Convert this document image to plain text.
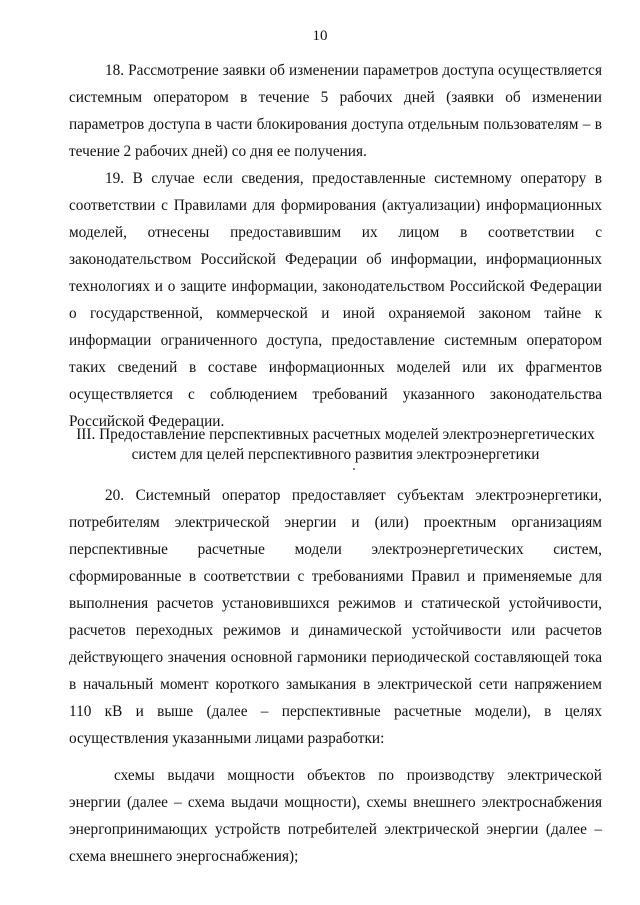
10

18. Рассмотрение заявки об изменении параметров доступа осуществляется системным оператором в течение 5 рабочих дней (заявки об изменении параметров доступа в части блокирования доступа отдельным пользователям – в течение 2 рабочих дней) со дня ее получения.

19. В случае если сведения, предоставленные системному оператору в соответствии с Правилами для формирования (актуализации) информационных моделей, отнесены предоставившим их лицом в соответствии с законодательством Российской Федерации об информации, информационных технологиях и о защите информации, законодательством Российской Федерации о государственной, коммерческой и иной охраняемой законом тайне к информации ограниченного доступа, предоставление системным оператором таких сведений в составе информационных моделей или их фрагментов осуществляется с соблюдением требований указанного законодательства Российской Федерации.

III. Предоставление перспективных расчетных моделей электроэнергетических
систем для целей перспективного развития электроэнергетики

20. Системный оператор предоставляет субъектам электроэнергетики, потребителям электрической энергии и (или) проектным организациям перспективные расчетные модели электроэнергетических систем, сформированные в соответствии с требованиями Правил и применяемые для выполнения расчетов установившихся режимов и статической устойчивости, расчетов переходных режимов и динамической устойчивости или расчетов действующего значения основной гармоники периодической составляющей тока в начальный момент короткого замыкания в электрической сети напряжением 110 кВ и выше (далее – перспективные расчетные модели), в целях осуществления указанными лицами разработки:

схемы выдачи мощности объектов по производству электрической энергии (далее – схема выдачи мощности), схемы внешнего электроснабжения энергопринимающих устройств потребителей электрической энергии (далее – схема внешнего энергоснабжения);
